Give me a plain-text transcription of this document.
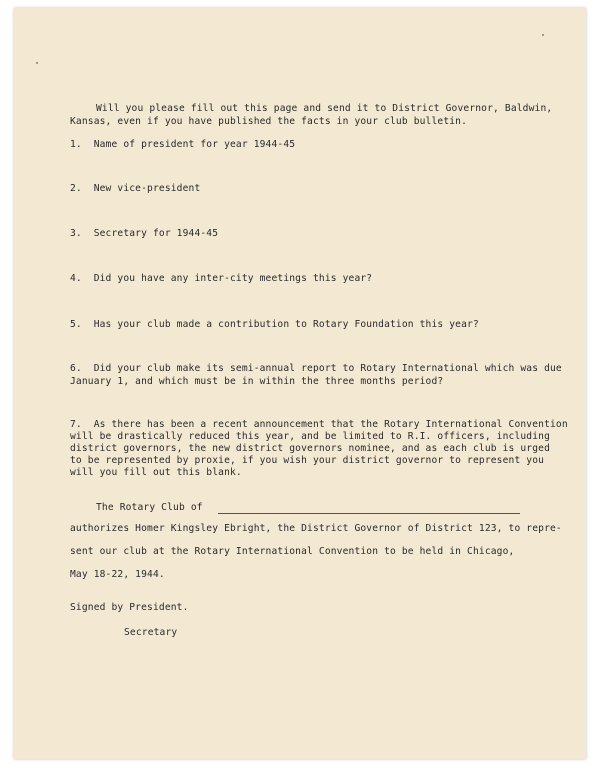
Will you please fill out this page and send it to District Governor, Baldwin,
Kansas, even if you have published the facts in your club bulletin.
1.  Name of president for year 1944-45
2.  New vice-president
3.  Secretary for 1944-45
4.  Did you have any inter-city meetings this year?
5.  Has your club made a contribution to Rotary Foundation this year?
6.  Did your club make its semi-annual report to Rotary International which was due
January 1, and which must be in within the three months period?
7.  As there has been a recent announcement that the Rotary International Convention
will be drastically reduced this year, and be limited to R.I. officers, including
district governors, the new district governors nominee, and as each club is urged
to be represented by proxie, if you wish your district governor to represent you
will you fill out this blank.
The Rotary Club of
authorizes Homer Kingsley Ebright, the District Governor of District 123, to repre-
sent our club at the Rotary International Convention to be held in Chicago,
May 18-22, 1944.
Signed by President.
Secretary
